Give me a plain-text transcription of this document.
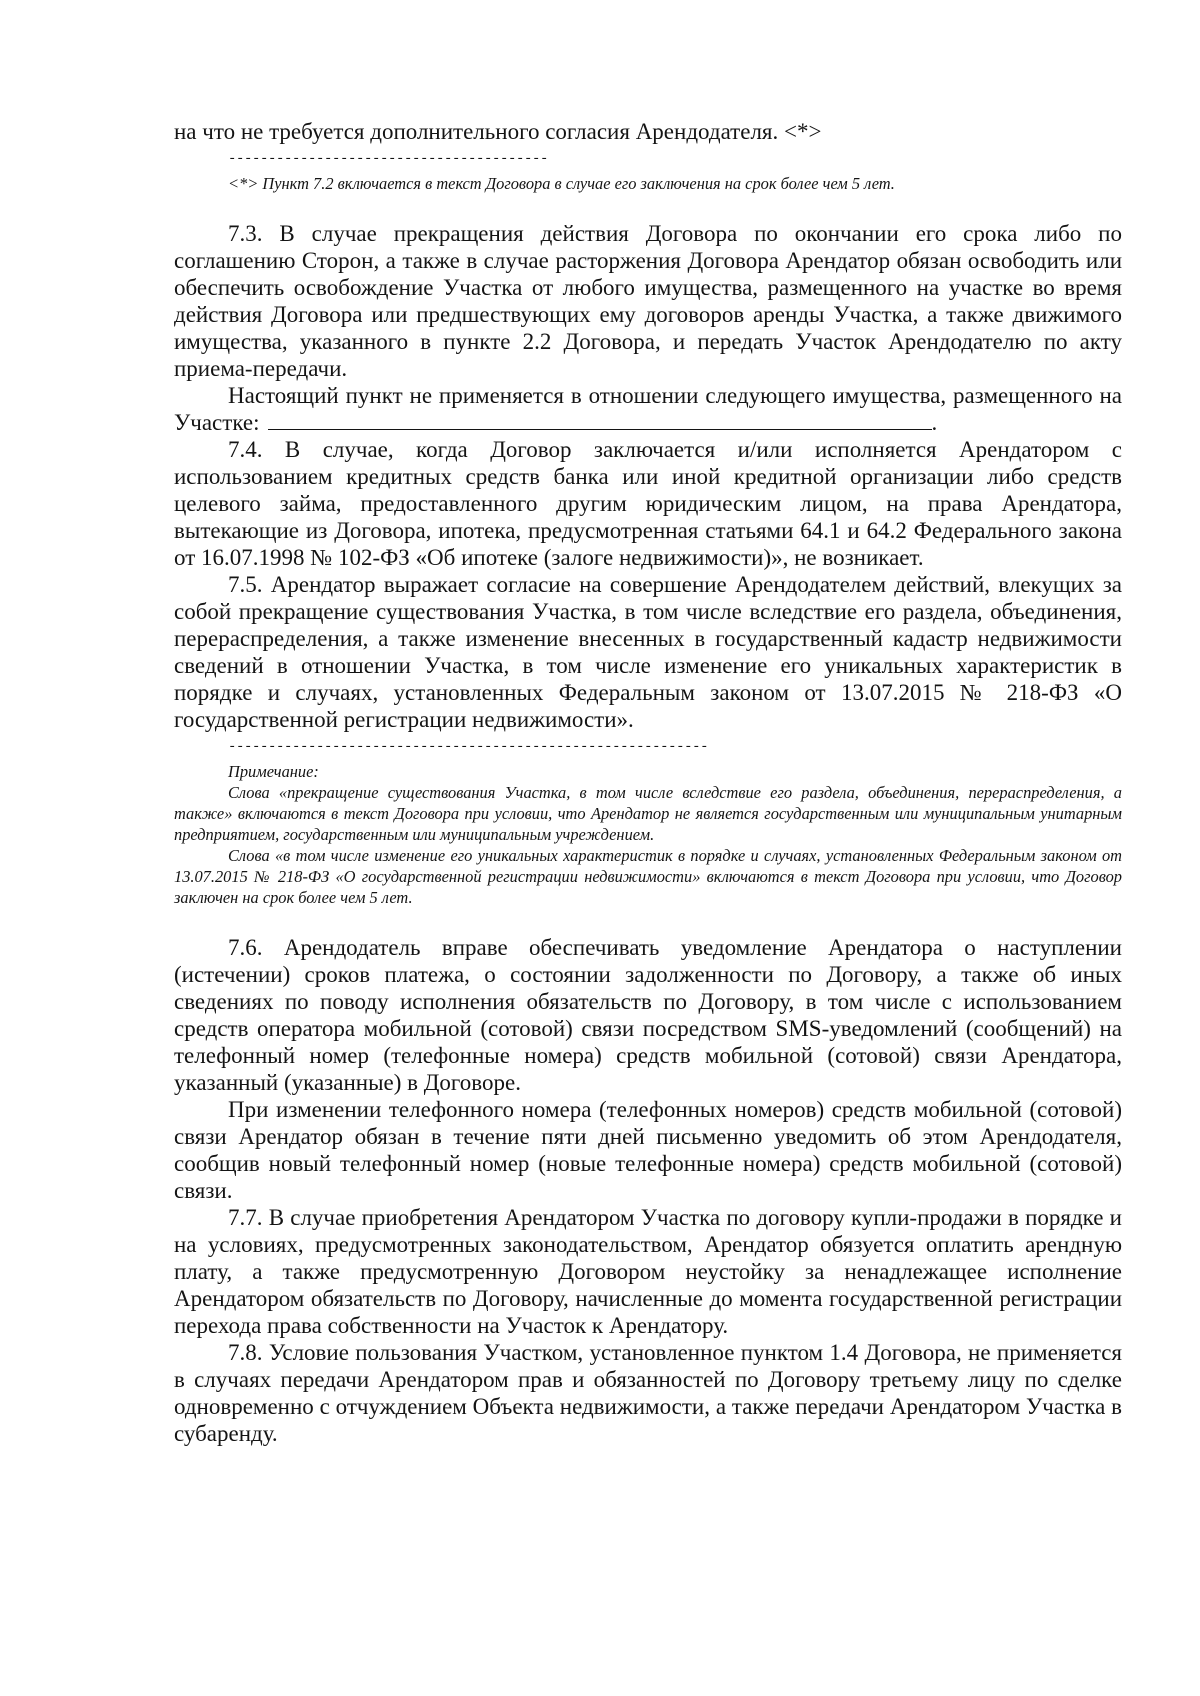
на что не требуется дополнительного согласия Арендодателя. <*>

----------------------------------------

<*> Пункт 7.2 включается в текст Договора в случае его заключения на срок более чем 5 лет.

7.3. В случае прекращения действия Договора по окончании его срока либо по соглашению Сторон, а также в случае расторжения Договора Арендатор обязан освободить или обеспечить освобождение Участка от любого имущества, размещенного на участке во время действия Договора или предшествующих ему договоров аренды Участка, а также движимого имущества, указанного в пункте 2.2 Договора, и передать Участок Арендодателю по акту приема-передачи.

Настоящий пункт не применяется в отношении следующего имущества, размещенного на Участке:	.

7.4. В случае, когда Договор заключается и/или исполняется Арендатором с использованием кредитных средств банка или иной кредитной организации либо средств целевого займа, предоставленного другим юридическим лицом, на права Арендатора, вытекающие из Договора, ипотека, предусмотренная статьями 64.1 и 64.2 Федерального закона от 16.07.1998 № 102-ФЗ «Об ипотеке (залоге недвижимости)», не возникает.

7.5. Арендатор выражает согласие на совершение Арендодателем действий, влекущих за собой прекращение существования Участка, в том числе вследствие его раздела, объединения, перераспределения, а также изменение внесенных в государственный кадастр недвижимости сведений в отношении Участка, в том числе изменение его уникальных характеристик в порядке и случаях, установленных Федеральным законом от 13.07.2015 № 218-ФЗ «О государственной регистрации недвижимости».

------------------------------------------------------------

Примечание:

Слова «прекращение существования Участка, в том числе вследствие его раздела, объединения, перераспределения, а также» включаются в текст Договора при условии, что Арендатор не является государственным или муниципальным унитарным предприятием, государственным или муниципальным учреждением.

Слова «в том числе изменение его уникальных характеристик в порядке и случаях, установленных Федеральным законом от 13.07.2015 № 218-ФЗ «О государственной регистрации недвижимости» включаются в текст Договора при условии, что Договор заключен на срок более чем 5 лет.

7.6. Арендодатель вправе обеспечивать уведомление Арендатора о наступлении (истечении) сроков платежа, о состоянии задолженности по Договору, а также об иных сведениях по поводу исполнения обязательств по Договору, в том числе с использованием средств оператора мобильной (сотовой) связи посредством SMS-уведомлений (сообщений) на телефонный номер (телефонные номера) средств мобильной (сотовой) связи Арендатора, указанный (указанные) в Договоре.

При изменении телефонного номера (телефонных номеров) средств мобильной (сотовой) связи Арендатор обязан в течение пяти дней письменно уведомить об этом Арендодателя, сообщив новый телефонный номер (новые телефонные номера) средств мобильной (сотовой) связи.

7.7. В случае приобретения Арендатором Участка по договору купли-продажи в порядке и на условиях, предусмотренных законодательством, Арендатор обязуется оплатить арендную плату, а также предусмотренную Договором неустойку за ненадлежащее исполнение Арендатором обязательств по Договору, начисленные до момента государственной регистрации перехода права собственности на Участок к Арендатору.

7.8. Условие пользования Участком, установленное пунктом 1.4 Договора, не применяется в случаях передачи Арендатором прав и обязанностей по Договору третьему лицу по сделке одновременно с отчуждением Объекта недвижимости, а также передачи Арендатором Участка в субаренду.
